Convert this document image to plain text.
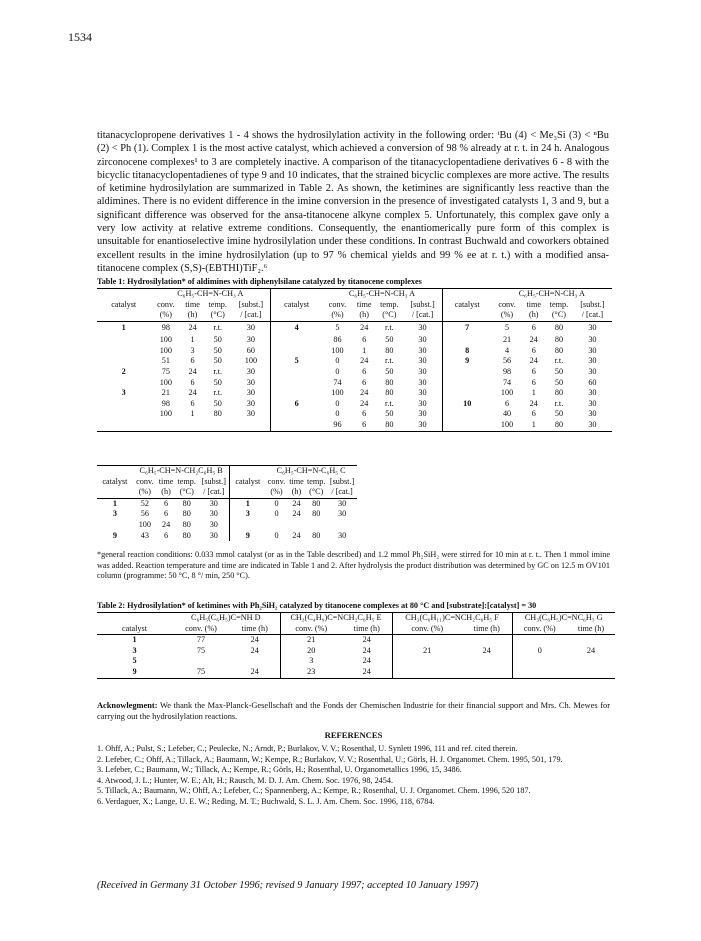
1534

titanacyclopropene derivatives 1 - 4 shows the hydrosilylation activity in the following order: ᵗBu (4) < Me₃Si (3) < ⁿBu (2) < Ph (1). Complex 1 is the most active catalyst, which achieved a conversion of 98 % already at r. t. in 24 h. Analogous zirconocene complexes¹ to 3 are completely inactive. A comparison of the titanacyclopentadiene derivatives 6 - 8 with the bicyclic titanacyclopentadienes of type 9 and 10 indicates, that the strained bicyclic complexes are more active. The results of ketimine hydrosilylation are summarized in Table 2. As shown, the ketimines are significantly less reactive than the aldimines. There is no evident difference in the imine conversion in the presence of investigated catalysts 1, 3 and 9, but a significant difference was observed for the ansa-titanocene alkyne complex 5. Unfortunately, this complex gave only a very low activity at relative extreme conditions. Consequently, the enantiomerically pure form of this complex is unsuitable for enantioselective imine hydrosilylation under these conditions. In contrast Buchwald and coworkers obtained excellent results in the imine hydrosilylation (up to 97 % chemical yields and 99 % ee at r. t.) with a modified ansa-titanocene complex (S,S)-(EBTHI)TiF₂.⁶

Table 1: Hydrosilylation* of aldimines with diphenylsilane catalyzed by titanocene complexes
	C₆H₅-CH=N-CH₃ A					C₆H₅-CH=N-CH₃ A					C₆H₅-CH=N-CH₃ A			
catalyst	conv.	time	temp.	[subst.]	catalyst	conv.	time	temp.	[subst.]	catalyst	conv.	time	temp.	[subst.]
	(%)	(h)	(°C)	/ [cat.]		(%)	(h)	(°C)	/ [cat.]		(%)	(h)	(°C)	/ [cat.]
1	98	24	r.t.	30	4	5	24	r.t.	30	7	5	6	80	30
	100	1	50	30		86	6	50	30		21	24	80	30
	100	3	50	60		100	1	80	30	8	4	6	80	30
	51	6	50	100	5	0	24	r.t.	30	9	56	24	r.t.	30
2	75	24	r.t.	30		0	6	50	30		98	6	50	30
	100	6	50	30		74	6	80	30		74	6	50	60
3	21	24	r.t.	30		100	24	80	30		100	1	80	30
	98	6	50	30	6	0	24	r.t.	30	10	6	24	r.t.	30
	100	1	80	30		0	6	50	30		40	6	50	30
						96	6	80	30		100	1	80	30
	C₆H₅-CH=N-CH₂C₆H₅ B					C₆H₅-CH=N-C₆H₅ C			
catalyst	conv.	time	temp.	[subst.]	catalyst	conv.	time	temp.	[subst.]
	(%)	(h)	(°C)	/ [cat.]		(%)	(h)	(°C)	/ [cat.]
1	52	6	80	30	1	0	24	80	30
3	56	6	80	30	3	0	24	80	30
	100	24	80	30					
9	43	6	80	30	9	0	24	80	30

*general reaction conditions: 0.033 mmol catalyst (or as in the Table described) and 1.2 mmol Ph₂SiH₂ were stirred for 10 min at r. t.. Then 1 mmol imine was added. Reaction temperature and time are indicated in Table 1 and 2. After hydrolysis the product distribution was determined by GC on 12.5 m OV101 column (programme: 50 °C, 8 °/ min, 250 °C).

Table 2: Hydrosilylation* of ketimines with Ph₂SiH₂ catalyzed by titanocene complexes at 80 °C and [substrate]:[catalyst] = 30
	C₆H₅(C₆H₅)C=NH D		CH₃(C₄H₉)C=NCH₂C₆H₅ E		CH₃(C₆H₁₁)C=NCH₂C₆H₅ F		CH₃(C₆H₅)C=NC₆H₅ G	
catalyst	conv. (%)	time (h)	conv. (%)	time (h)	conv. (%)	time (h)	conv. (%)	time (h)
1	77	24	21	24				
3	75	24	20	24	21	24	0	24
5			3	24				
9	75	24	23	24				

Acknowlegment: We thank the Max-Planck-Gesellschaft and the Fonds der Chemischen Industrie for their financial support and Mrs. Ch. Mewes for carrying out the hydrosilylation reactions.

REFERENCES
1. Ohff, A.; Pulst, S.; Lefeber, C.; Peulecke, N.; Arndt, P.; Burlakov, V. V.; Rosenthal, U. Synlett 1996, 111 and ref. cited therein.
2. Lefeber, C.; Ohff, A.; Tillack, A.; Baumann, W.; Kempe, R.; Burlakov, V. V.; Rosenthal, U.; Görls, H. J. Organomet. Chem. 1995, 501, 179.
3. Lefeber, C.; Baumann, W.; Tillack, A.; Kempe, R.; Görls, H.; Rosenthal, U. Organometallics 1996, 15, 3486.
4. Atwood, J. L.; Hunter, W. E.; Alt, H.; Rausch, M. D. J. Am. Chem. Soc. 1976, 98, 2454.
5. Tillack, A.; Baumann, W.; Ohff, A.; Lefeber, C.; Spannenberg, A.; Kempe, R.; Rosenthal, U. J. Organomet. Chem. 1996, 520 187.
6. Verdaguer, X.; Lange, U. E. W.; Reding, M. T.; Buchwald, S. L. J. Am. Chem. Soc. 1996, 118, 6784.
(Received in Germany 31 October 1996; revised 9 January 1997; accepted 10 January 1997)
